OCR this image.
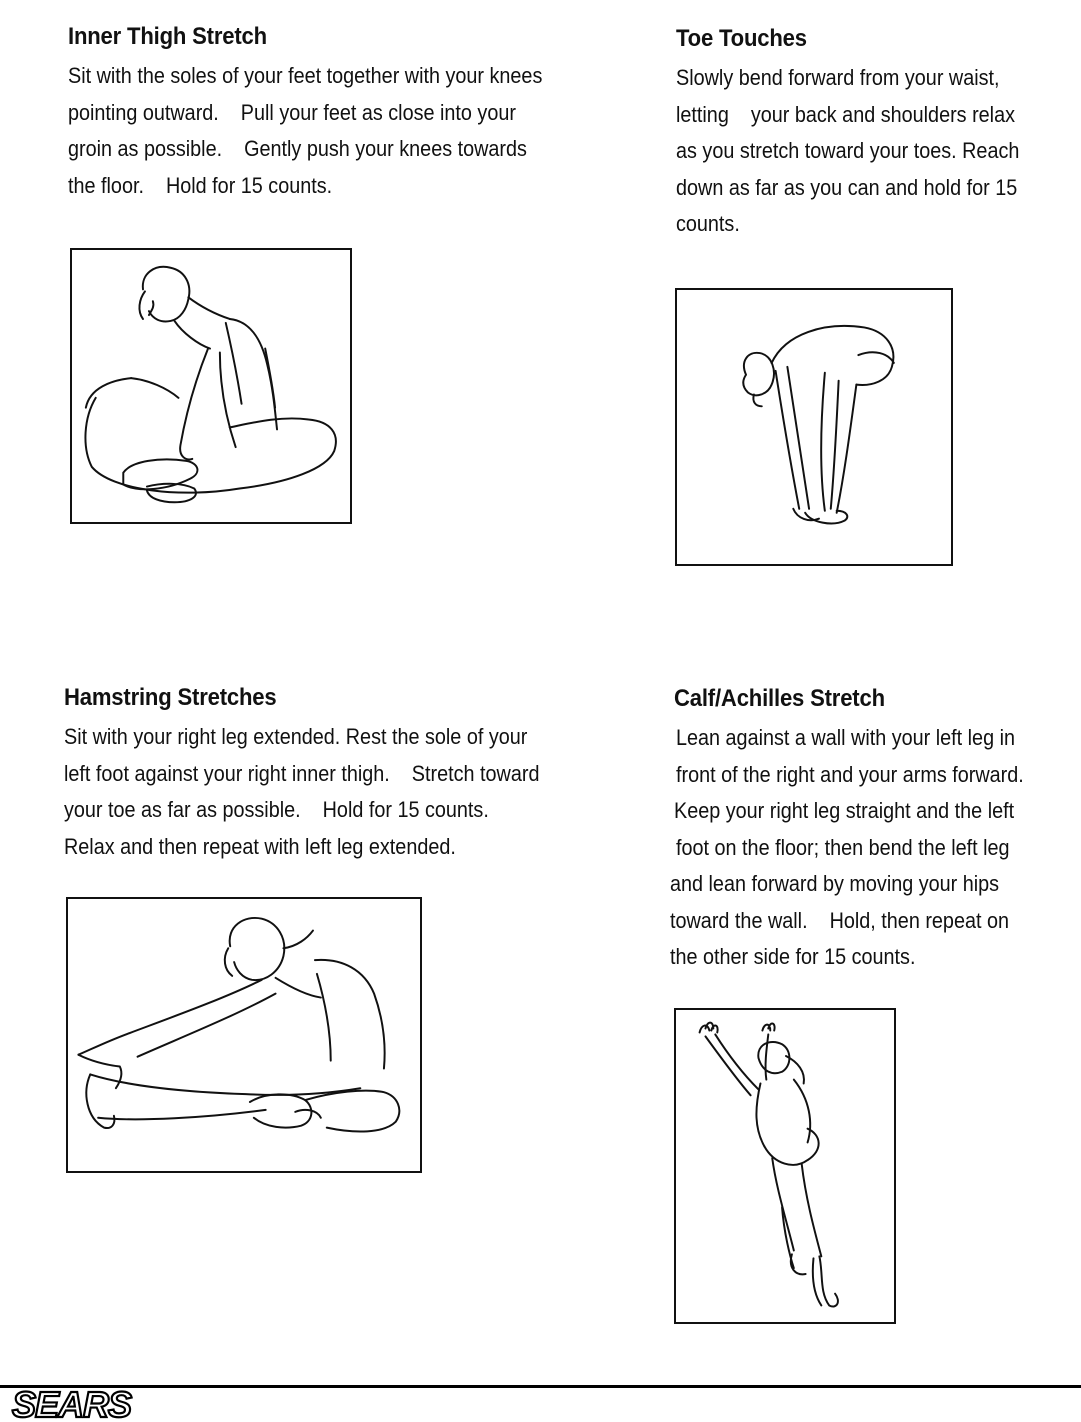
Inner Thigh Stretch
Sit with the soles of your feet together with your knees
pointing outward.    Pull your feet as close into your
groin as possible.    Gently push your knees towards
the floor.    Hold for 15 counts.
Toe Touches
Slowly bend forward from your waist,
letting    your back and shoulders relax
as you stretch toward your toes. Reach
down as far as you can and hold for 15
counts.
Hamstring Stretches
Sit with your right leg extended. Rest the sole of your
left foot against your right inner thigh.    Stretch toward
your toe as far as possible.    Hold for 15 counts.
Relax and then repeat with left leg extended.
Calf/Achilles Stretch
Lean against a wall with your left leg in
front of the right and your arms forward.
Keep your right leg straight and the left
foot on the floor; then bend the left leg
and lean forward by moving your hips
toward the wall.    Hold, then repeat on
the other side for 15 counts.
SEARS
